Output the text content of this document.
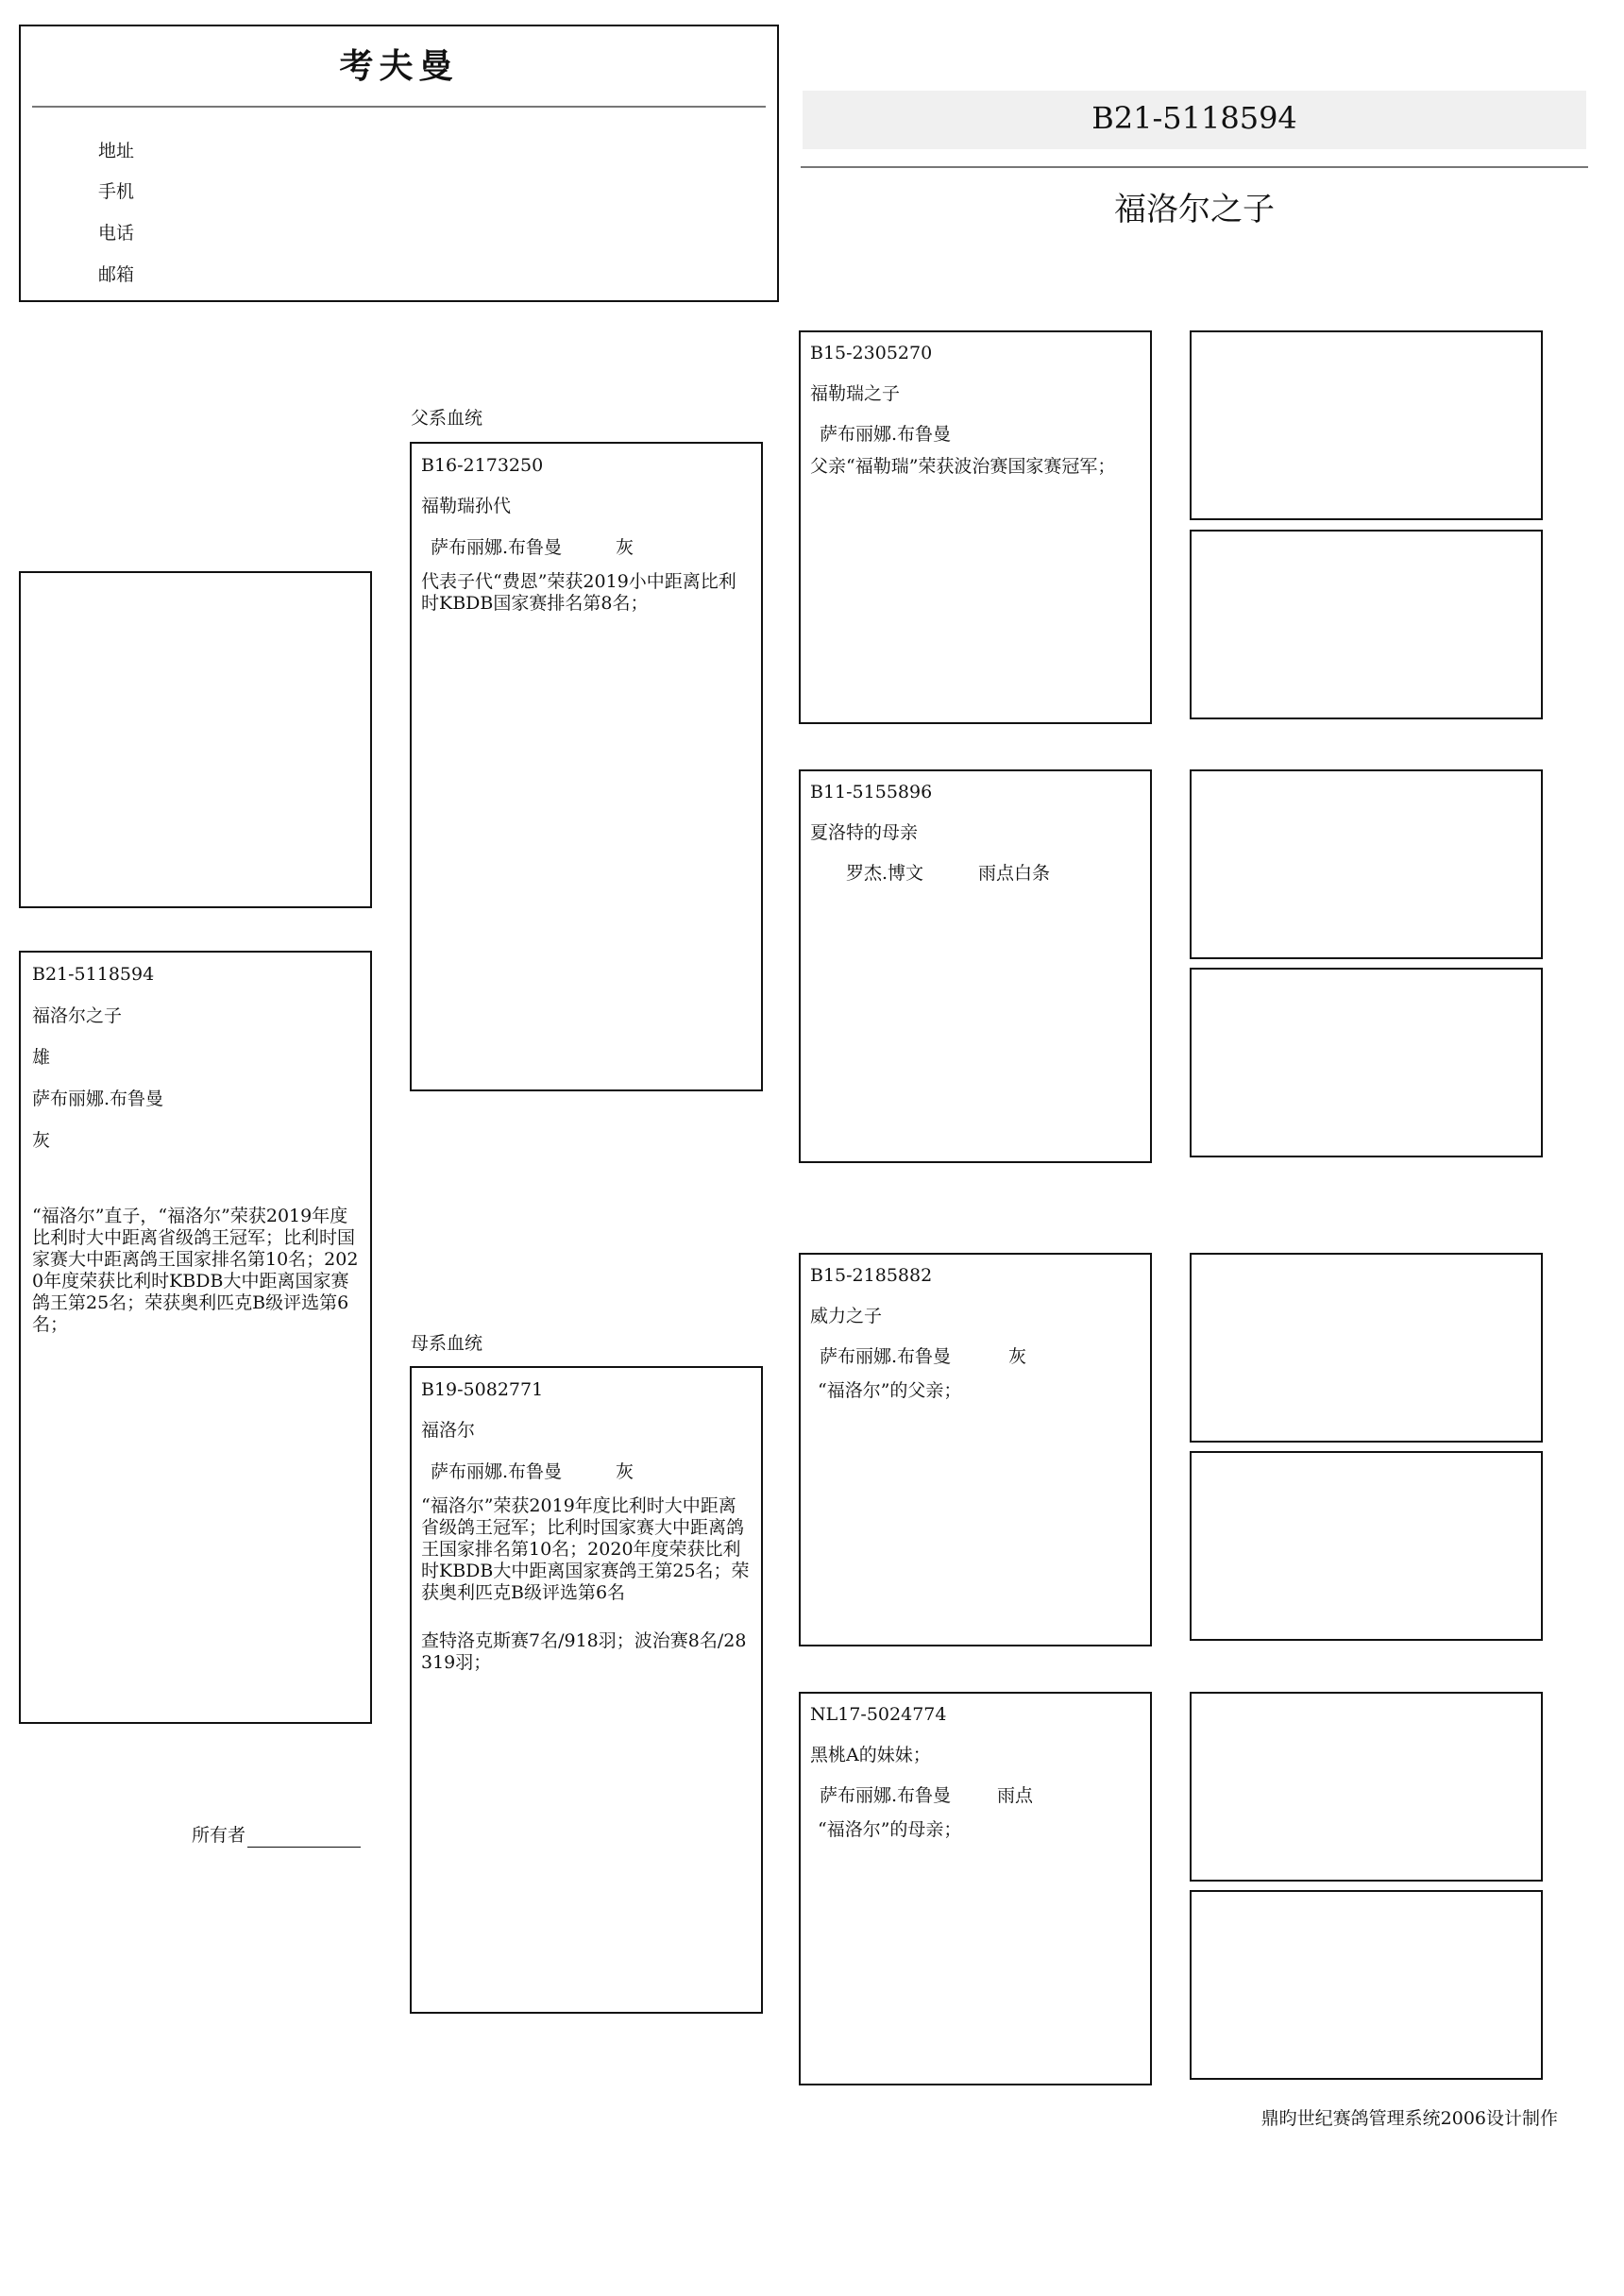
考夫曼
地址
手机
电话
邮箱
B21-5118594
福洛尔之子
B21-5118594
福洛尔之子
雄
萨布丽娜.布鲁曼
灰
“福洛尔”直子，“福洛尔”荣获2019年度比利时大中距离省级鸽王冠军；比利时国家赛大中距离鸽王国家排名第10名；2020年度荣获比利时KBDB大中距离国家赛鸽王第25名；荣获奥利匹克B级评选第6名；
所有者
父系血统
母系血统
B16-2173250
福勒瑞孙代
萨布丽娜.布鲁曼	灰
代表子代“费恩”荣获2019小中距离比利时KBDB国家赛排名第8名；
B19-5082771
福洛尔
萨布丽娜.布鲁曼	灰
“福洛尔”荣获2019年度比利时大中距离省级鸽王冠军；比利时国家赛大中距离鸽王国家排名第10名；2020年度荣获比利时KBDB大中距离国家赛鸽王第25名；荣获奥利匹克B级评选第6名
查特洛克斯赛7名/918羽；波治赛8名/28319羽；
B15-2305270
福勒瑞之子
萨布丽娜.布鲁曼
父亲“福勒瑞”荣获波治赛国家赛冠军；
B11-5155896
夏洛特的母亲
罗杰.博文	雨点白条
B15-2185882
威力之子
萨布丽娜.布鲁曼	灰
“福洛尔”的父亲；
NL17-5024774
黑桃A的妹妹；
萨布丽娜.布鲁曼	雨点
“福洛尔”的母亲；
鼎昀世纪赛鸽管理系统2006设计制作
